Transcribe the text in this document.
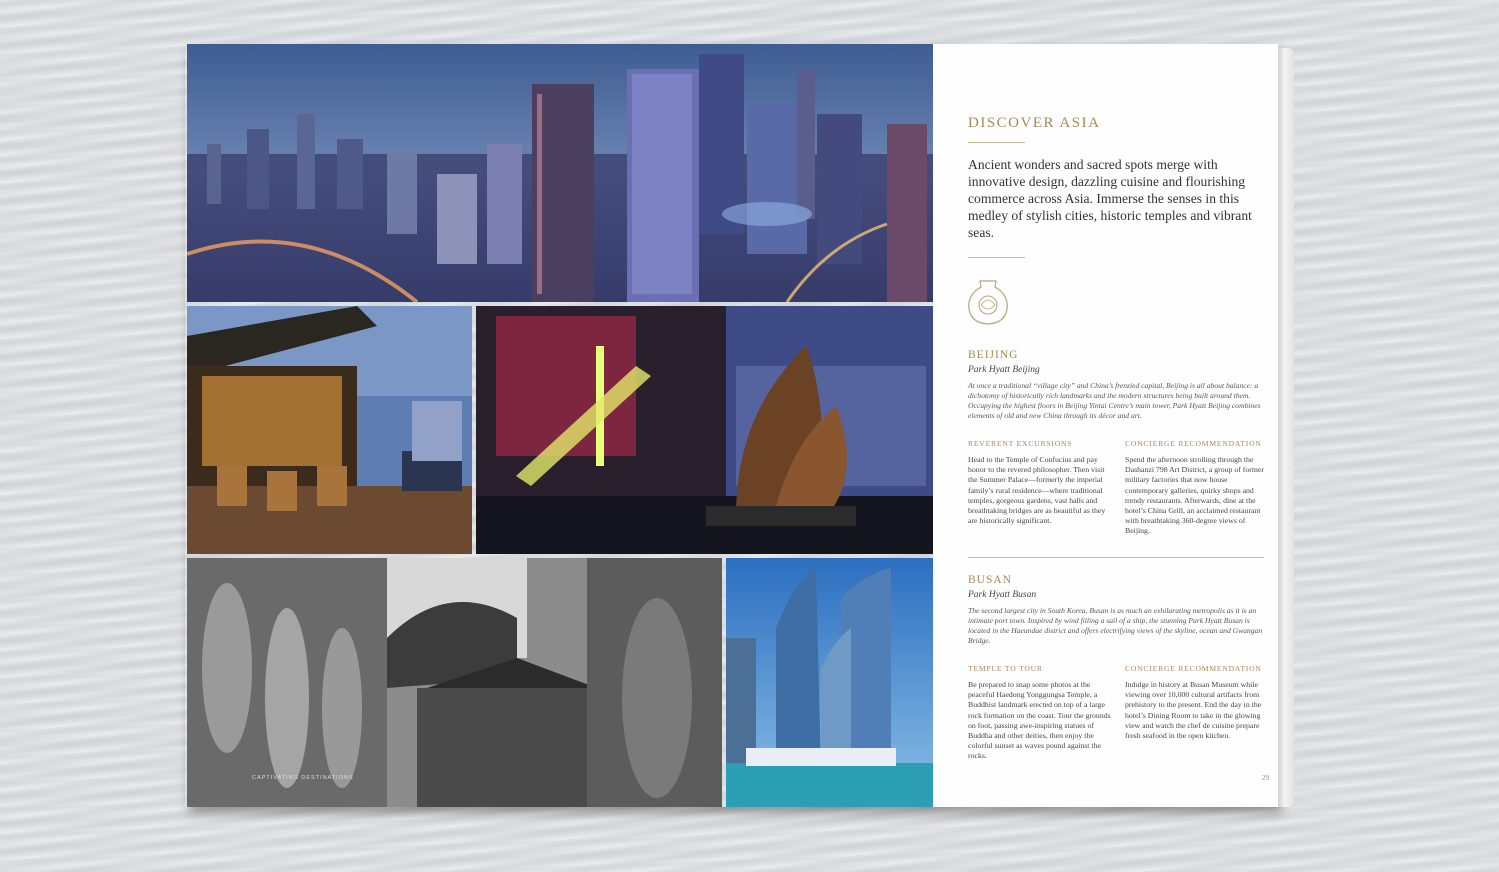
DISCOVER ASIA
Ancient wonders and sacred spots merge with innovative design, dazzling cuisine and flourishing commerce across Asia. Immerse the senses in this medley of stylish cities, historic temples and vibrant seas.
BEIJING
Park Hyatt Beijing
At once a traditional “village city” and China’s frenzied capital, Beijing is all about balance: a dichotomy of historically rich landmarks and the modern structures being built around them. Occupying the highest floors in Beijing Yintai Centre’s main tower, Park Hyatt Beijing combines elements of old and new China through its décor and art.
REVERENT EXCURSIONS	CONCIERGE RECOMMENDATION
Head to the Temple of Confucius and pay honor to the revered philosopher. Then visit the Summer Palace—formerly the imperial family’s rural residence—where traditional temples, gorgeous gardens, vast halls and breathtaking bridges are as beautiful as they are historically significant.
Spend the afternoon strolling through the Dashanzi 798 Art District, a group of former military factories that now house contemporary galleries, quirky shops and trendy restaurants. Afterwards, dine at the hotel’s China Grill, an acclaimed restaurant with breathtaking 360-degree views of Beijing.
BUSAN
Park Hyatt Busan
The second largest city in South Korea, Busan is as much an exhilarating metropolis as it is an intimate port town. Inspired by wind filling a sail of a ship, the stunning Park Hyatt Busan is located in the Haeundae district and offers electrifying views of the skyline, ocean and Gwangan Bridge.
TEMPLE TO TOUR	CONCIERGE RECOMMENDATION
Be prepared to snap some photos at the peaceful Haedong Yonggungsa Temple, a Buddhist landmark erected on top of a large rock formation on the coast. Tour the grounds on foot, passing awe-inspiring statues of Buddha and other deities, then enjoy the colorful sunset as waves pound against the rocks.
Indulge in history at Busan Museum while viewing over 10,000 cultural artifacts from prehistory to the present. End the day in the hotel’s Dining Room to take in the glowing view and watch the chef de cuisine prepare fresh seafood in the open kitchen.
29
CAPTIVATING DESTINATIONS
